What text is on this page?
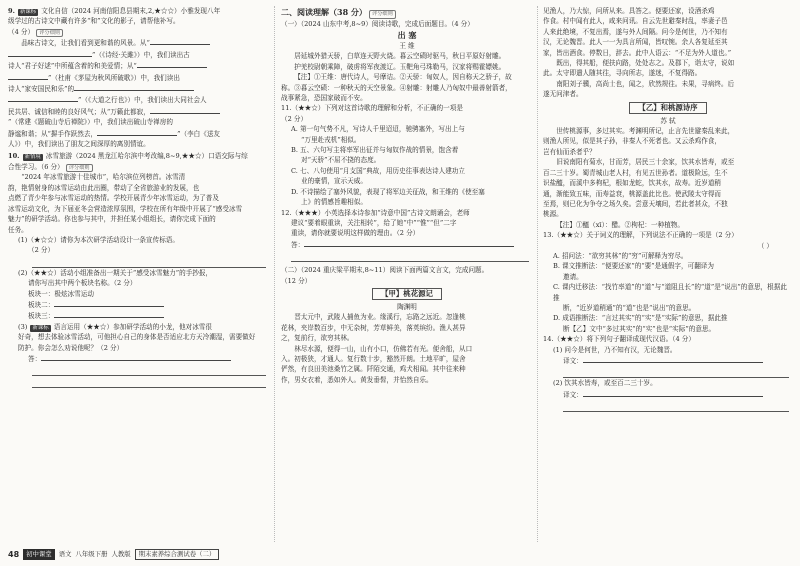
9. 新课标 文化自信（2024 河南信阳息县期末,2,★☆☆）小雅发现八年

级学过的古诗文中藏有许多“和”文化的影子，请帮他补写。

（4 分） 评分细则

品味古诗文，让我们看到更和谐的风景。从“

”（《诗经·关雎》）中，我们读出古

诗人“君子好逑”中所蕴含着的和美爱情；从“

”（杜甫《茅屋为秋风所破歌》）中，我们读出

诗人“家安国民和乐”的

”（《大道之行也》）中，我们读出大同社会人

民共居、诚信和睦的良好风气；从“万籁此都寂，

”（常建《题破山寺后禅院》）中，我们读出破山寺禅房的

静谧和谐；从“摒手作跃然去，	”（李白《送友

人》）中，我们读出了朋友之间深厚的离别情谊。

10. 新情境 冰雪旅游（2024 黑龙江哈尔滨中考改编,8~9,★★☆）口语交际与综

合性学习。（6 分） 评分细则

“2024 年冰雪旅游十佳城市”，哈尔滨位列榜首。冰雪清

韵，艳情射身的冰雪运动由此出圈，带动了全省旅游业的发展，也

点燃了青少年参与冰雪运动的热情。学校开展青少年冰雪运动，为了普及

冰雪运动文化，为下届亚冬会营造浓厚氛围，学校在所有年级中开展了“感受冰雪

魅力”的研学活动。你也参与其中，并担任某小组组长，请你完成下面的

任务。

(1)（★☆☆）请你为本次研学活动设计一条宣传标语。

（2 分）

(2)（★★☆）活动小组准备出一期关于“感受冰雪魅力”的手抄报，

请你写出其中两个板块名称。（2 分）

板块一：极炫冰雪运动

板块二：

板块三：

(3) 新课标 语言运用（★★☆）参加研学活动的小龙，他对冰雪很

好奇，想去体验冰雪活动，可他担心自己的身体是否适应北方天冷潮湿，需要做好

防护。你会怎么劝说他呢？（2 分）

答：

二、阅读理解（38 分） 评分细则

（一）（2024 山东中考,8~9）阅读诗歌，完成后面题目。（4 分）

出 塞

王 维

居延城外猎天骄，白草连天野火烧。暮云空碛时驱马，秋日平原好射雕。

护羌校尉朝乘障，破虏将军夜渡辽。玉靶角弓珠勒马，汉家将赐霍嫖姚。

【注】①王维：唐代诗人，号摩诘。②天骄：匈奴人，因自称天之骄子，故

称。③暮云空碛：一种秋天的天空景象。④射雕：射雕人乃匈奴中最善射箭者，

战事紧急，恐国家破而不安。

11.（★★☆）下列对这首诗歌的理解和分析，不正确的一项是

（2 分）

A. 第一句气势不凡，写诗人千里迢迢，驰骋塞外，写出上与

“万里赴戎机”相似。

B. 五、六句写主将率军出征并与匈奴作战的情景，饱含着

对“天骄”不屈不挠的态度。

C. 七、八句使用“月支国”典故，用历史往事表达诗人建功立

业的豪情，宣示天威。

D. 不诗描绘了塞外风貌，表现了将军边关征战，和王维的《使至塞

上》的情感旨趣相似。

12.（★★★）小英选择本诗参加“诗意中国”古诗文朗诵会，老师

建议“要着眼重读，关注相转”，给了她“中”“惟”“但”二字

重读，请你就要说明这样做的理由。（2 分）

答：

（二）（2024 重庆梁平期末,8~11）阅读下面两篇文言文，完成问题。

（12 分）

【甲】桃花源记

陶渊明

晋太元中，武陵人捕鱼为业。缘溪行，忘路之远近。忽逢桃

花林，夹岸数百步，中无杂树，芳草鲜美，落英缤纷。渔人甚异

之，复前行，欲穷其林。

林尽水源，便得一山，山有小口，仿佛若有光。便舍船，从口

入。初极狭，才通人。复行数十步，豁然开朗。土地平旷，屋舍

俨然，有良田美池桑竹之属。阡陌交通，鸡犬相闻。其中往来种

作，男女衣着，悉如外人。黄发垂髫，并怡然自乐。

见渔人，乃大惊，问所从来。具答之。便要还家，设酒杀鸡

作食。村中闻有此人，咸来问讯。自云先世避秦时乱，率妻子邑

人来此绝境，不复出焉，遂与外人间隔。问今是何世，乃不知有

汉，无论魏晋。此人一一为具言所闻，皆叹惋。余人各复延至其

家，皆出酒食。停数日，辞去。此中人语云：“不足为外人道也。”

既出，得其船，便扶向路，处处志之。及郡下，诣太守，说如

此。太守即遣人随其往，寻向所志，遂迷，不复得路。

南阳刘子骥，高尚士也，闻之，欣然规往。未果，寻病终。后

遂无问津者。

【乙】和桃源诗序

苏 轼

世传桃源事，多过其实。考渊明所记，止言先世避秦乱来此，

则渔人所见，似是其子孙，非秦人不死者也。又云杀鸡作食，

岂有仙而杀者乎？

旧说南阳有菊水，甘而芳，居民三十余家，饮其水皆寿，或至

百二三十岁。蜀青城山老人村，有见五世孙者。道极险远，生不

识盐醯，而溪中多枸杞，根如龙蛇，饮其水，故寿。近岁道稍

通，渐能致五味，而寿益衰，桃源盖此比也。使武陵太守得而

至焉，则已化为争夺之场久矣。尝意天壤间，若此者甚众，不独

桃源。

【注】①醯（xī）：醋。②枸杞：一种植物。

13.（★★☆）关于词义的理解，下列说法不正确的一项是（2 分）

（ ）

A. 招问法：“欲穷其林”的“穷”可解释为穷尽。

B. 课文推断法：“便要还家”的“要”是通假字，可翻译为

邀请。

C. 课内迁移法：“找竹率道”的“道”与“道阻且长”的“道”是“说出”的意思，根据此推

断，“近岁道稍通”的“道”也是“说出”的意思。

D. 成语推断法：“言过其实”的“实”是“实际”的意思，据此推

断【乙】文中“多过其实”的“实”也是“实际”的意思。

14.（★★☆）将下列句子翻译成现代汉语。（4 分）

(1) 问今是何世，乃不知有汉，无论魏晋。

译文：

(2) 饮其水皆寿，或至百二三十岁。

译文：

48	初中课堂	语文 八年级下册 人教版	期末素养综合测试卷（二）
